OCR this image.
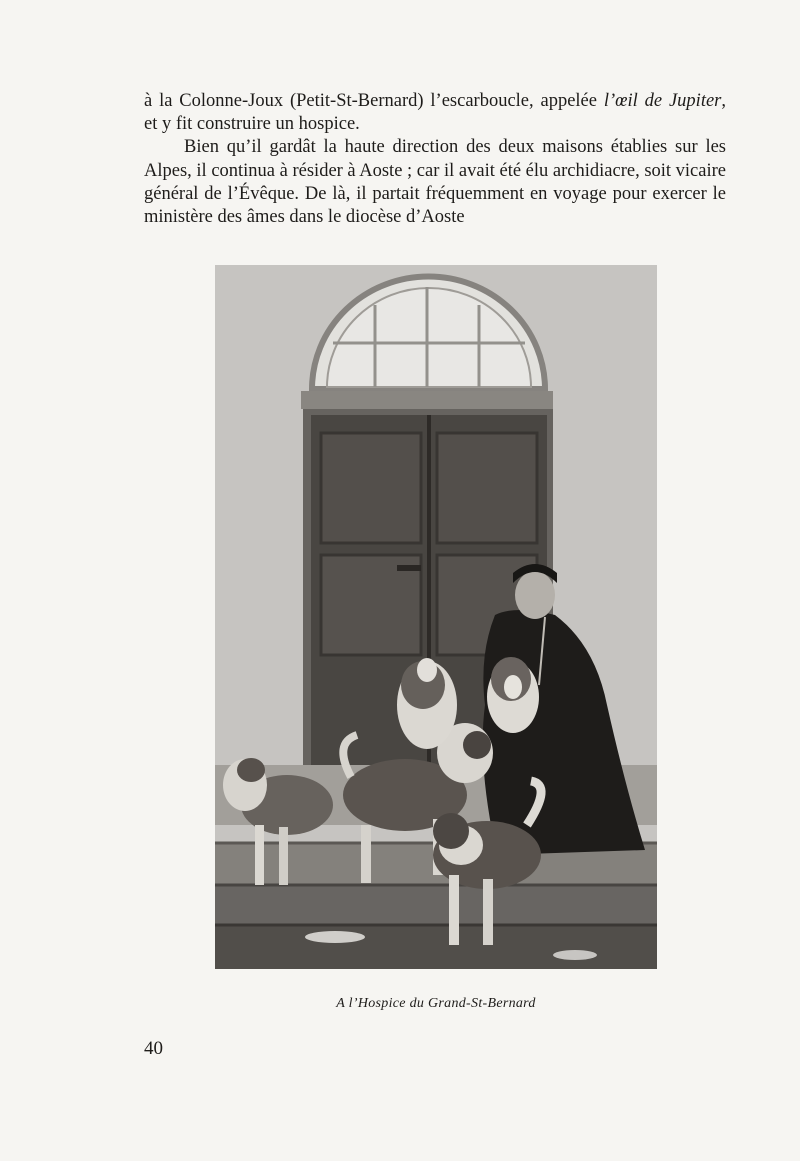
à la Colonne-Joux (Petit-St-Bernard) l’escarboucle, appelée l’œil de Jupiter, et y fit construire un hospice.

Bien qu’il gardât la haute direction des deux maisons établies sur les Alpes, il continua à résider à Aoste ; car il avait été élu archidiacre, soit vicaire général de l’Évêque. De là, il partait fréquemment en voyage pour exercer le ministère des âmes dans le diocèse d’Aoste

A l’Hospice du Grand-St-Bernard
40
